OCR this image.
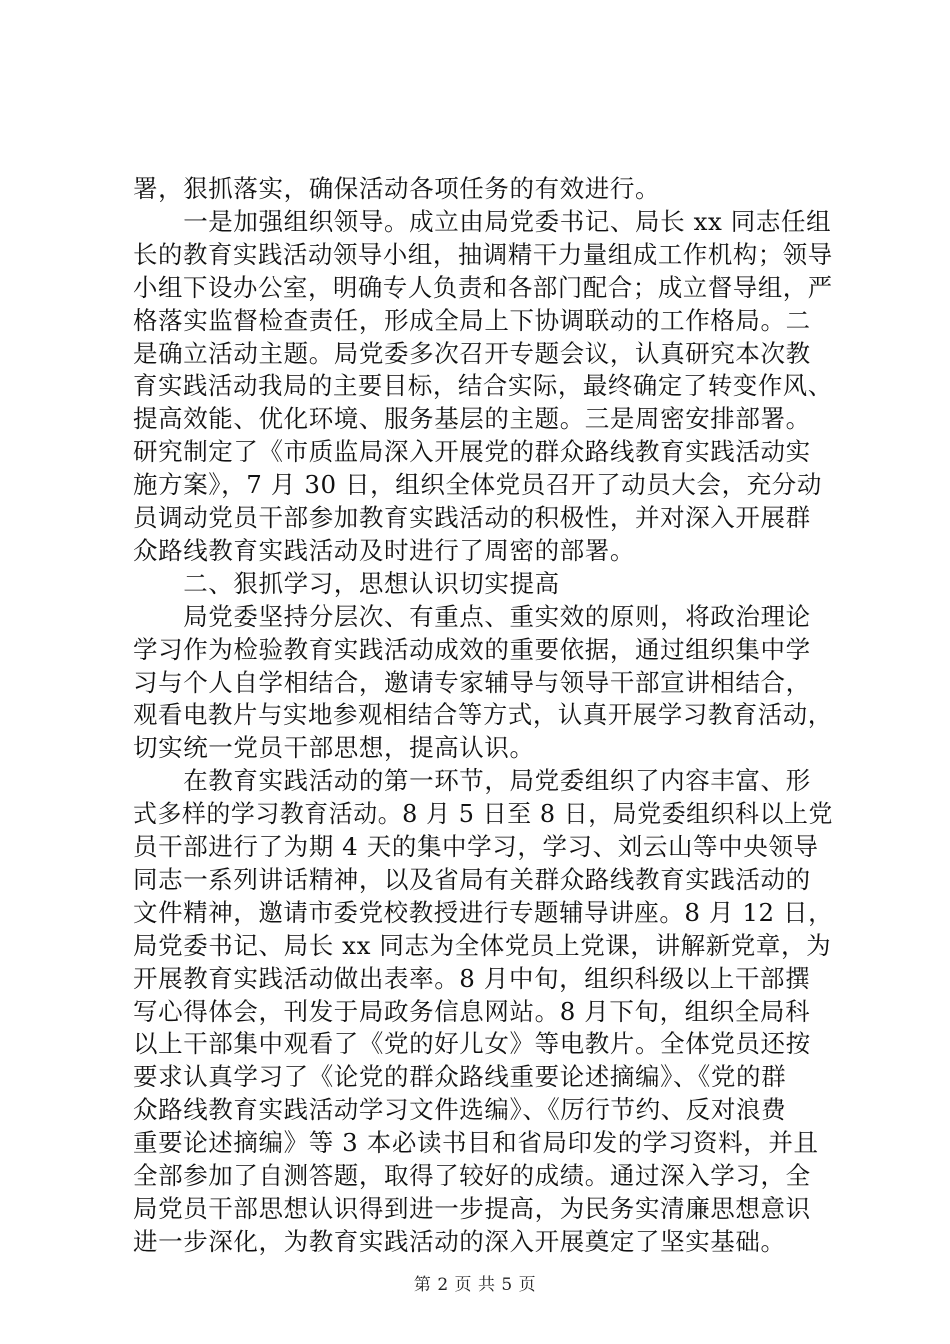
署，狠抓落实，确保活动各项任务的有效进行。
　　一是加强组织领导。成立由局党委书记、局长 xx 同志任组
长的教育实践活动领导小组，抽调精干力量组成工作机构；领导
小组下设办公室，明确专人负责和各部门配合；成立督导组，严
格落实监督检查责任，形成全局上下协调联动的工作格局。二
是确立活动主题。局党委多次召开专题会议，认真研究本次教
育实践活动我局的主要目标，结合实际，最终确定了转变作风、
提高效能、优化环境、服务基层的主题。三是周密安排部署。
研究制定了《市质监局深入开展党的群众路线教育实践活动实
施方案》，7 月 30 日，组织全体党员召开了动员大会，充分动
员调动党员干部参加教育实践活动的积极性，并对深入开展群
众路线教育实践活动及时进行了周密的部署。
　　二、狠抓学习，思想认识切实提高
　　局党委坚持分层次、有重点、重实效的原则，将政治理论
学习作为检验教育实践活动成效的重要依据，通过组织集中学
习与个人自学相结合，邀请专家辅导与领导干部宣讲相结合，
观看电教片与实地参观相结合等方式，认真开展学习教育活动，
切实统一党员干部思想，提高认识。
　　在教育实践活动的第一环节，局党委组织了内容丰富、形
式多样的学习教育活动。8 月 5 日至 8 日，局党委组织科以上党
员干部进行了为期 4 天的集中学习，学习、刘云山等中央领导
同志一系列讲话精神，以及省局有关群众路线教育实践活动的
文件精神，邀请市委党校教授进行专题辅导讲座。8 月 12 日，
局党委书记、局长 xx 同志为全体党员上党课，讲解新党章，为
开展教育实践活动做出表率。8 月中旬，组织科级以上干部撰
写心得体会，刊发于局政务信息网站。8 月下旬，组织全局科
以上干部集中观看了《党的好儿女》等电教片。全体党员还按
要求认真学习了《论党的群众路线重要论述摘编》、《党的群
众路线教育实践活动学习文件选编》、《厉行节约、反对浪费
重要论述摘编》等 3 本必读书目和省局印发的学习资料，并且
全部参加了自测答题，取得了较好的成绩。通过深入学习，全
局党员干部思想认识得到进一步提高，为民务实清廉思想意识
进一步深化，为教育实践活动的深入开展奠定了坚实基础。
第 2 页 共 5 页
